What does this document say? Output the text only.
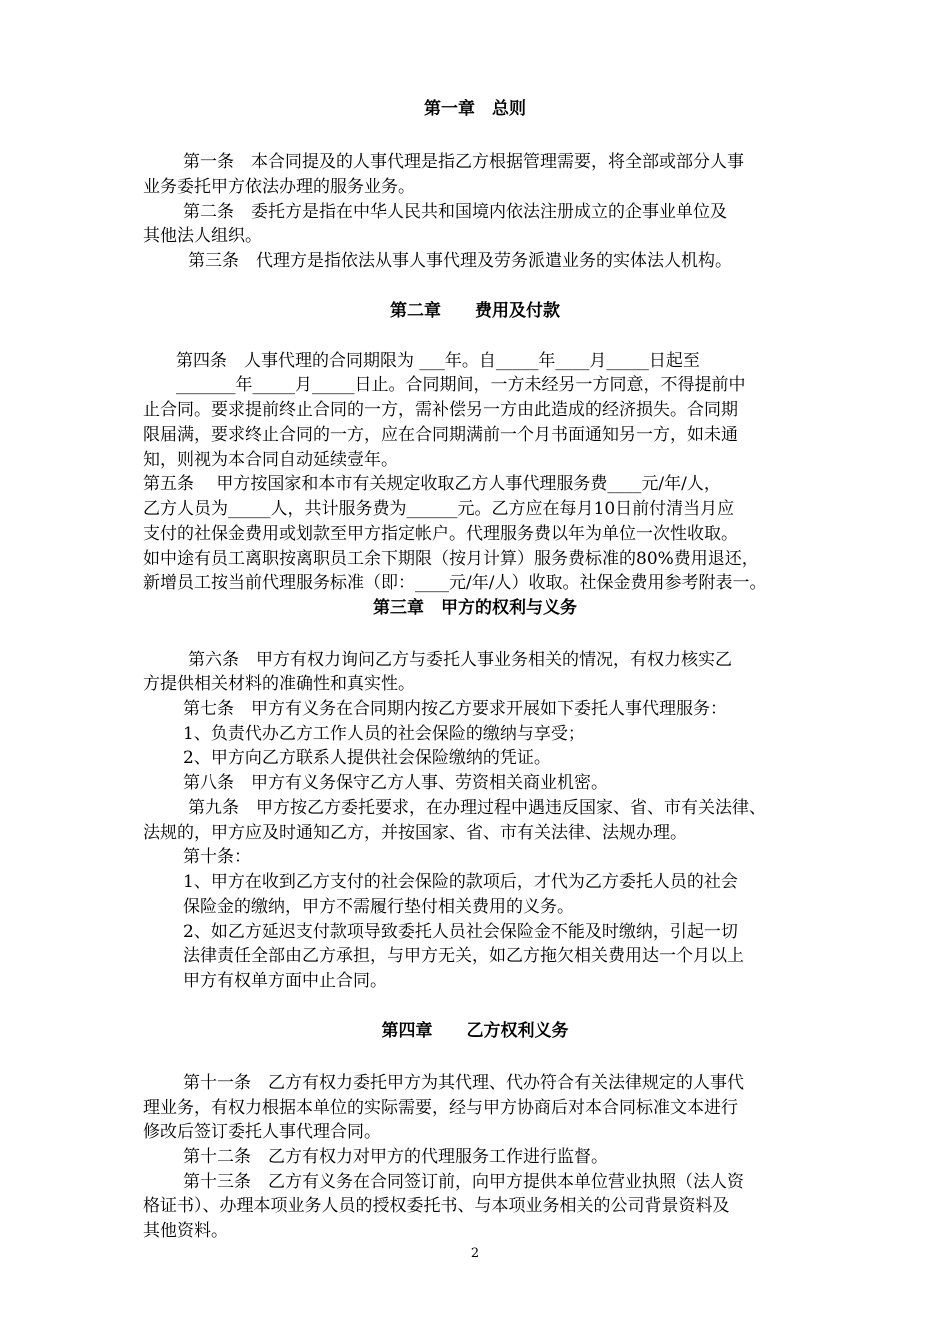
第一章　总则
第一条　本合同提及的人事代理是指乙方根据管理需要，将全部或部分人事
业务委托甲方依法办理的服务业务。
第二条　委托方是指在中华人民共和国境内依法注册成立的企事业单位及
其他法人组织。
第三条　代理方是指依法从事人事代理及劳务派遣业务的实体法人机构。
第二章　　费用及付款
第四条　人事代理的合同期限为 ___年。自_____年____月_____日起至
_______年_____月_____日止。合同期间，一方未经另一方同意，不得提前中
止合同。要求提前终止合同的一方，需补偿另一方由此造成的经济损失。合同期
限届满，要求终止合同的一方，应在合同期满前一个月书面通知另一方，如未通
知，则视为本合同自动延续壹年。
第五条　 甲方按国家和本市有关规定收取乙方人事代理服务费____元/年/人，
乙方人员为_____人，共计服务费为______元。乙方应在每月10日前付清当月应
支付的社保金费用或划款至甲方指定帐户。代理服务费以年为单位一次性收取。
如中途有员工离职按离职员工余下期限（按月计算）服务费标准的80%费用退还，
新增员工按当前代理服务标准（即：____元/年/人）收取。社保金费用参考附表一。
第三章　甲方的权利与义务
第六条　甲方有权力询问乙方与委托人事业务相关的情况，有权力核实乙
方提供相关材料的准确性和真实性。
第七条　甲方有义务在合同期内按乙方要求开展如下委托人事代理服务：
1、负责代办乙方工作人员的社会保险的缴纳与享受；
2、甲方向乙方联系人提供社会保险缴纳的凭证。
第八条　甲方有义务保守乙方人事、劳资相关商业机密。
第九条　甲方按乙方委托要求，在办理过程中遇违反国家、省、市有关法律、
法规的，甲方应及时通知乙方，并按国家、省、市有关法律、法规办理。
第十条：
1、甲方在收到乙方支付的社会保险的款项后，才代为乙方委托人员的社会
保险金的缴纳，甲方不需履行垫付相关费用的义务。
2、如乙方延迟支付款项导致委托人员社会保险金不能及时缴纳，引起一切
法律责任全部由乙方承担，与甲方无关，如乙方拖欠相关费用达一个月以上
甲方有权单方面中止合同。
第四章　　乙方权利义务
第十一条　乙方有权力委托甲方为其代理、代办符合有关法律规定的人事代
理业务，有权力根据本单位的实际需要，经与甲方协商后对本合同标准文本进行
修改后签订委托人事代理合同。
第十二条　乙方有权力对甲方的代理服务工作进行监督。
第十三条　乙方有义务在合同签订前，向甲方提供本单位营业执照（法人资
格证书）、办理本项业务人员的授权委托书、与本项业务相关的公司背景资料及
其他资料。
2
